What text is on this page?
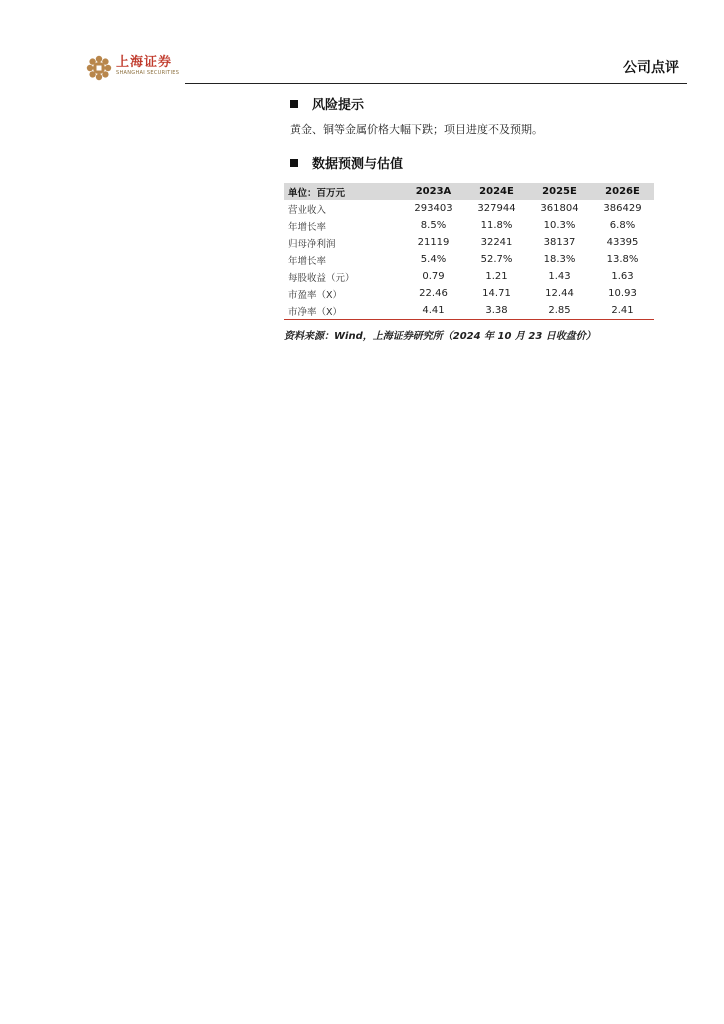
上海证券
SHANGHAI SECURITIES	公司点评
风险提示
黄金、铜等金属价格大幅下跌；项目进度不及预期。
数据预测与估值
单位：百万元	2023A	2024E	2025E	2026E
营业收入	293403	327944	361804	386429
年增长率	8.5%	11.8%	10.3%	6.8%
归母净利润	21119	32241	38137	43395
年增长率	5.4%	52.7%	18.3%	13.8%
每股收益（元）	0.79	1.21	1.43	1.63
市盈率（X）	22.46	14.71	12.44	10.93
市净率（X）	4.41	3.38	2.85	2.41
资料来源：Wind，上海证券研究所（2024 年 10 月 23 日收盘价）
